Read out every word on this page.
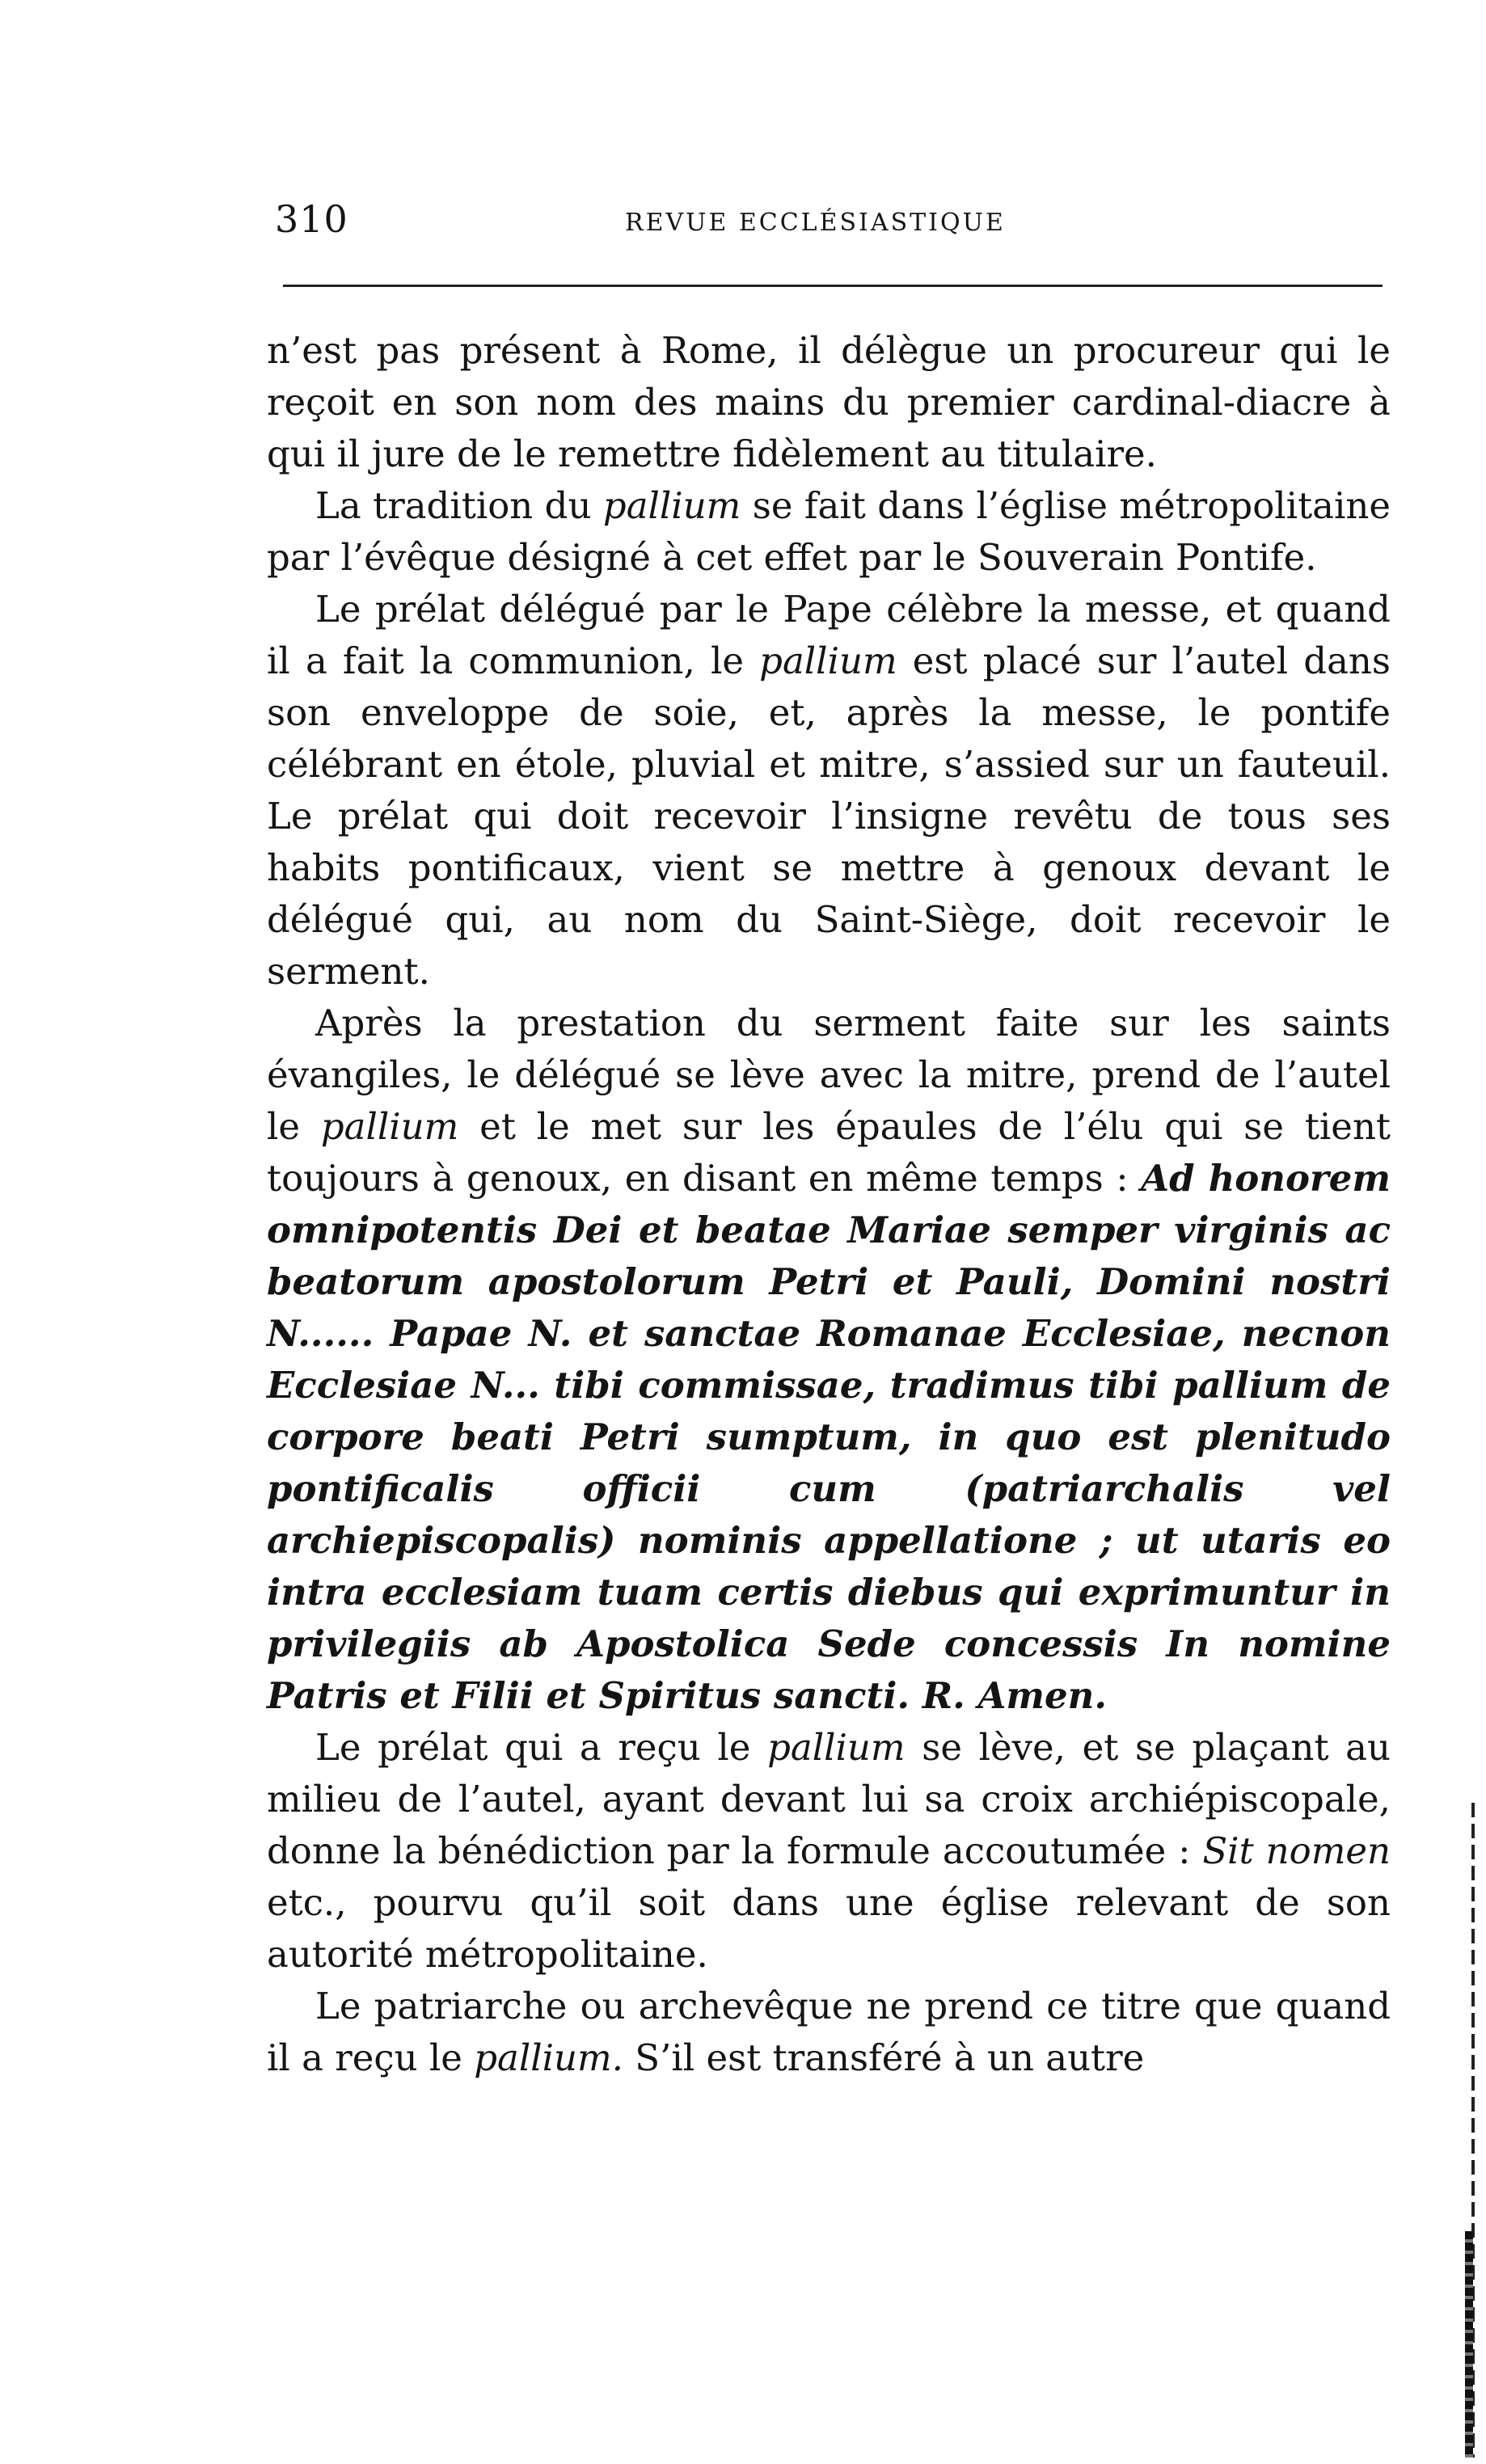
310	REVUE ECCLÉSIASTIQUE

n’est pas présent à Rome, il délègue un procureur qui le reçoit en son nom des mains du premier cardinal-diacre à qui il jure de le remettre fidèlement au titulaire.

La tradition du pallium se fait dans l’église métropolitaine par l’évêque désigné à cet effet par le Souverain Pontife.

Le prélat délégué par le Pape célèbre la messe, et quand il a fait la communion, le pallium est placé sur l’autel dans son enveloppe de soie, et, après la messe, le pontife célébrant en étole, pluvial et mitre, s’assied sur un fauteuil. Le prélat qui doit recevoir l’insigne revêtu de tous ses habits pontificaux, vient se mettre à genoux devant le délégué qui, au nom du Saint-Siège, doit recevoir le serment.

Après la prestation du serment faite sur les saints évangiles, le délégué se lève avec la mitre, prend de l’autel le pallium et le met sur les épaules de l’élu qui se tient toujours à genoux, en disant en même temps : Ad honorem omnipotentis Dei et beatae Mariae semper virginis ac beatorum apostolorum Petri et Pauli, Domini nostri N...... Papae N. et sanctae Romanae Ecclesiae, necnon Ecclesiae N... tibi commissae, tradimus tibi pallium de corpore beati Petri sumptum, in quo est plenitudo pontificalis officii cum (patriarchalis vel archiepiscopalis) nominis appellatione ; ut utaris eo intra ecclesiam tuam certis diebus qui exprimuntur in privilegiis ab Apostolica Sede concessis In nomine Patris et Filii et Spiritus sancti. R. Amen.

Le prélat qui a reçu le pallium se lève, et se plaçant au milieu de l’autel, ayant devant lui sa croix archiépiscopale, donne la bénédiction par la formule accoutumée : Sit nomen etc., pourvu qu’il soit dans une église relevant de son autorité métropolitaine.

Le patriarche ou archevêque ne prend ce titre que quand il a reçu le pallium. S’il est transféré à un autre
